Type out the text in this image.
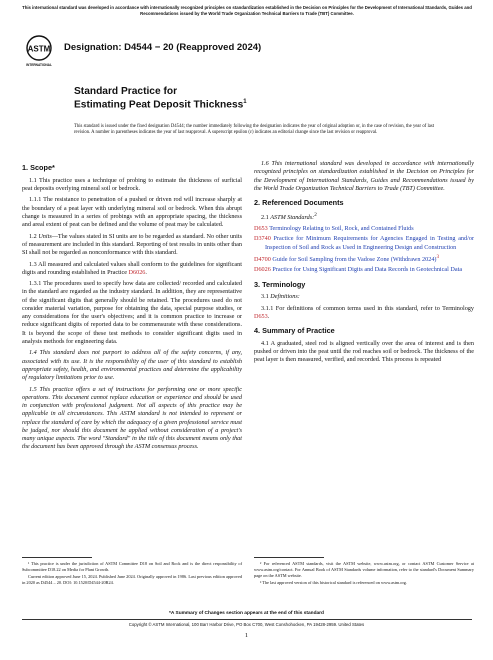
This international standard was developed in accordance with internationally recognized principles on standardization established in the Decision on Principles for the Development of International Standards, Guides and Recommendations issued by the World Trade Organization Technical Barriers to Trade (TBT) Committee.
ASTM
INTERNATIONAL
Designation: D4544 − 20 (Reapproved 2024)
Standard Practice for
Estimating Peat Deposit Thickness$^1$
This standard is issued under the fixed designation D4544; the number immediately following the designation indicates the year of original adoption or, in the case of revision, the year of last revision. A number in parentheses indicates the year of last reapproval. A superscript epsilon (ε) indicates an editorial change since the last revision or reapproval.
1. Scope*

1.1 This practice uses a technique of probing to estimate the thickness of surficial peat deposits overlying mineral soil or bedrock.

1.1.1 The resistance to penetration of a pushed or driven rod will increase sharply at the boundary of a peat layer with underlying mineral soil or bedrock. When this abrupt change is measured in a series of probings with an appropriate spacing, the thickness and areal extent of peat can be defined and the volume of peat may be calculated.

1.2 Units—The values stated in SI units are to be regarded as standard. No other units of measurement are included in this standard. Reporting of test results in units other than SI shall not be regarded as nonconformance with this standard.

1.3 All measured and calculated values shall conform to the guidelines for significant digits and rounding established in Practice D6026.

1.3.1 The procedures used to specify how data are collected/ recorded and calculated in the standard are regarded as the industry standard. In addition, they are representative of the significant digits that generally should be retained. The procedures used do not consider material variation, purpose for obtaining the data, special purpose studies, or any considerations for the user's objectives; and it is common practice to increase or reduce significant digits of reported data to be commensurate with these considerations. It is beyond the scope of these test methods to consider significant digits used in analysis methods for engineering data.

1.4 This standard does not purport to address all of the safety concerns, if any, associated with its use. It is the responsibility of the user of this standard to establish appropriate safety, health, and environmental practices and determine the applicability of regulatory limitations prior to use.

1.5 This practice offers a set of instructions for performing one or more specific operations. This document cannot replace education or experience and should be used in conjunction with professional judgment. Not all aspects of this practice may be applicable in all circumstances. This ASTM standard is not intended to represent or replace the standard of care by which the adequacy of a given professional service must be judged, nor should this document be applied without consideration of a project's many unique aspects. The word "Standard" in the title of this document means only that the document has been approved through the ASTM consensus process.

1.6 This international standard was developed in accordance with internationally recognized principles on standardization established in the Decision on Principles for the Development of International Standards, Guides and Recommendations issued by the World Trade Organization Technical Barriers to Trade (TBT) Committee.

2. Referenced Documents

2.1 ASTM Standards:$^2$

D653 Terminology Relating to Soil, Rock, and Contained Fluids
D3740 Practice for Minimum Requirements for Agencies Engaged in Testing and/or Inspection of Soil and Rock as Used in Engineering Design and Construction
D4700 Guide for Soil Sampling from the Vadose Zone (Withdrawn 2024)$^3$
D6026 Practice for Using Significant Digits and Data Records in Geotechnical Data
3. Terminology

3.1 Definitions:

3.1.1 For definitions of common terms used in this standard, refer to Terminology D653.

4. Summary of Practice

4.1 A graduated, steel rod is aligned vertically over the area of interest and is then pushed or driven into the peat until the rod reaches soil or bedrock. The thickness of the peat layer is then measured, verified, and recorded. This process is repeated

¹ This practice is under the jurisdiction of ASTM Committee D18 on Soil and Rock and is the direct responsibility of Subcommittee D18.22 on Media for Plant Growth.

Current edition approved June 15, 2024. Published June 2024. Originally approved in 1986. Last previous edition approved in 2020 as D4544 – 20. DOI: 10.1520/D4544-20R24.

² For referenced ASTM standards, visit the ASTM website, www.astm.org, or contact ASTM Customer Service at www.astm.org/contact. For Annual Book of ASTM Standards volume information, refer to the standard's Document Summary page on the ASTM website.

³ The last approved version of this historical standard is referenced on www.astm.org.

*A Summary of Changes section appears at the end of this standard
Copyright © ASTM International, 100 Barr Harbor Drive, PO Box C700, West Conshohocken, PA 19428-2959. United States
1
